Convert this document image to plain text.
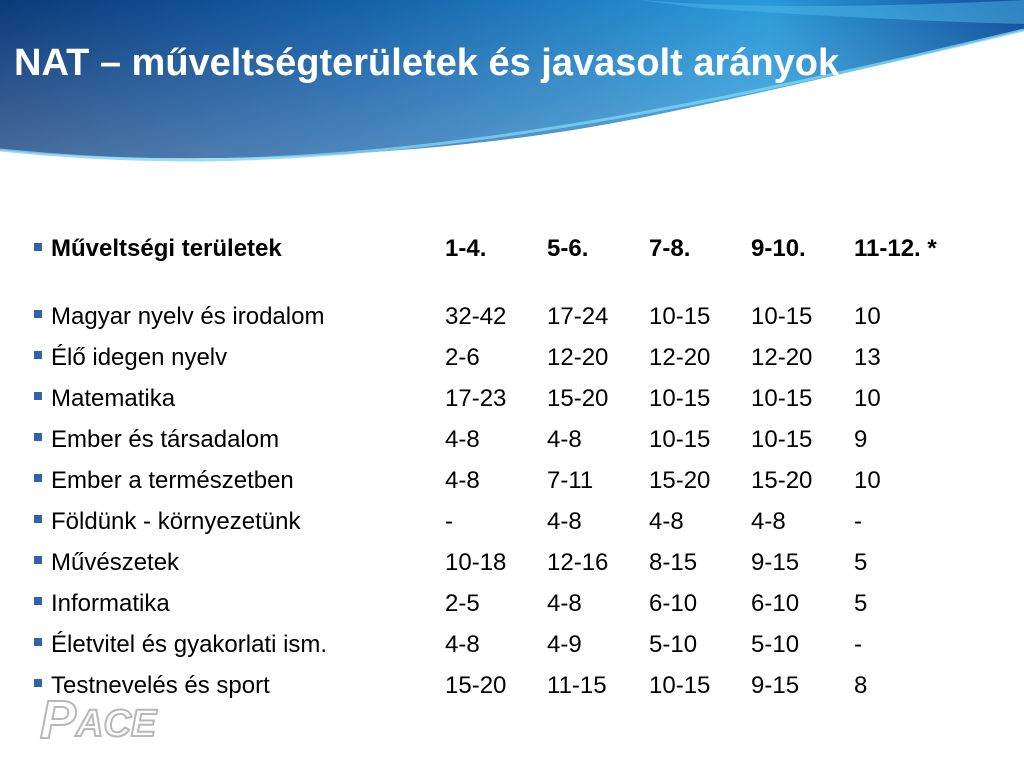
NAT – műveltségterületek és javasolt arányok
Műveltségi területek	1-4.	5-6.	7-8.	9-10.	11-12. *

Magyar nyelv és irodalom	32-42	17-24	10-15	10-15	10
Élő idegen nyelv	2-6	12-20	12-20	12-20	13
Matematika	17-23	15-20	10-15	10-15	10
Ember és társadalom	4-8	4-8	10-15	10-15	9
Ember a természetben	4-8	7-11	15-20	15-20	10
Földünk - környezetünk	-	4-8	4-8	4-8	-
Művészetek	10-18	12-16	8-15	9-15	5
Informatika	2-5	4-8	6-10	6-10	5
Életvitel és gyakorlati ism.	4-8	4-9	5-10	5-10	-
Testnevelés és sport	15-20	11-15	10-15	9-15	8
P ACE
